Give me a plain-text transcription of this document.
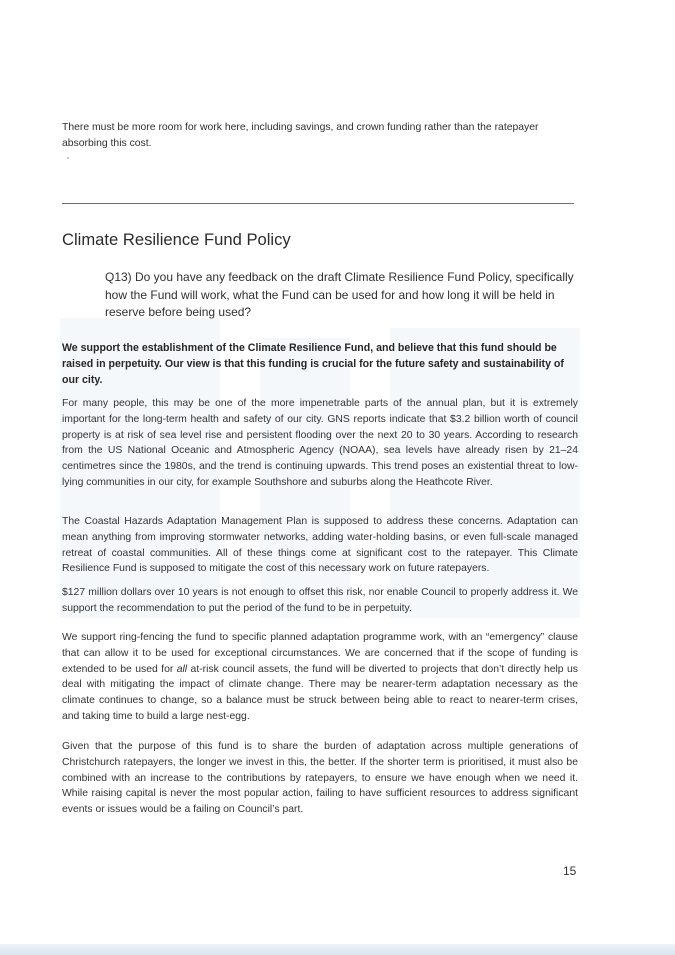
There must be more room for work here, including savings, and crown funding rather than the ratepayer absorbing this cost.

Climate Resilience Fund Policy

Q13) Do you have any feedback on the draft Climate Resilience Fund Policy, specifically how the Fund will work, what the Fund can be used for and how long it will be held in reserve before being used?

We support the establishment of the Climate Resilience Fund, and believe that this fund should be raised in perpetuity. Our view is that this funding is crucial for the future safety and sustainability of our city.

For many people, this may be one of the more impenetrable parts of the annual plan, but it is extremely important for the long-term health and safety of our city. GNS reports indicate that $3.2 billion worth of council property is at risk of sea level rise and persistent flooding over the next 20 to 30 years. According to research from the US National Oceanic and Atmospheric Agency (NOAA), sea levels have already risen by 21–24 centimetres since the 1980s, and the trend is continuing upwards. This trend poses an existential threat to low-lying communities in our city, for example Southshore and suburbs along the Heathcote River.

The Coastal Hazards Adaptation Management Plan is supposed to address these concerns. Adaptation can mean anything from improving stormwater networks, adding water-holding basins, or even full-scale managed retreat of coastal communities. All of these things come at significant cost to the ratepayer. This Climate Resilience Fund is supposed to mitigate the cost of this necessary work on future ratepayers.

$127 million dollars over 10 years is not enough to offset this risk, nor enable Council to properly address it. We support the recommendation to put the period of the fund to be in perpetuity.

We support ring-fencing the fund to specific planned adaptation programme work, with an “emergency” clause that can allow it to be used for exceptional circumstances. We are concerned that if the scope of funding is extended to be used for all at-risk council assets, the fund will be diverted to projects that don’t directly help us deal with mitigating the impact of climate change. There may be nearer-term adaptation necessary as the climate continues to change, so a balance must be struck between being able to react to nearer-term crises, and taking time to build a large nest-egg.

Given that the purpose of this fund is to share the burden of adaptation across multiple generations of Christchurch ratepayers, the longer we invest in this, the better. If the shorter term is prioritised, it must also be combined with an increase to the contributions by ratepayers, to ensure we have enough when we need it. While raising capital is never the most popular action, failing to have sufficient resources to address significant events or issues would be a failing on Council’s part.

15
